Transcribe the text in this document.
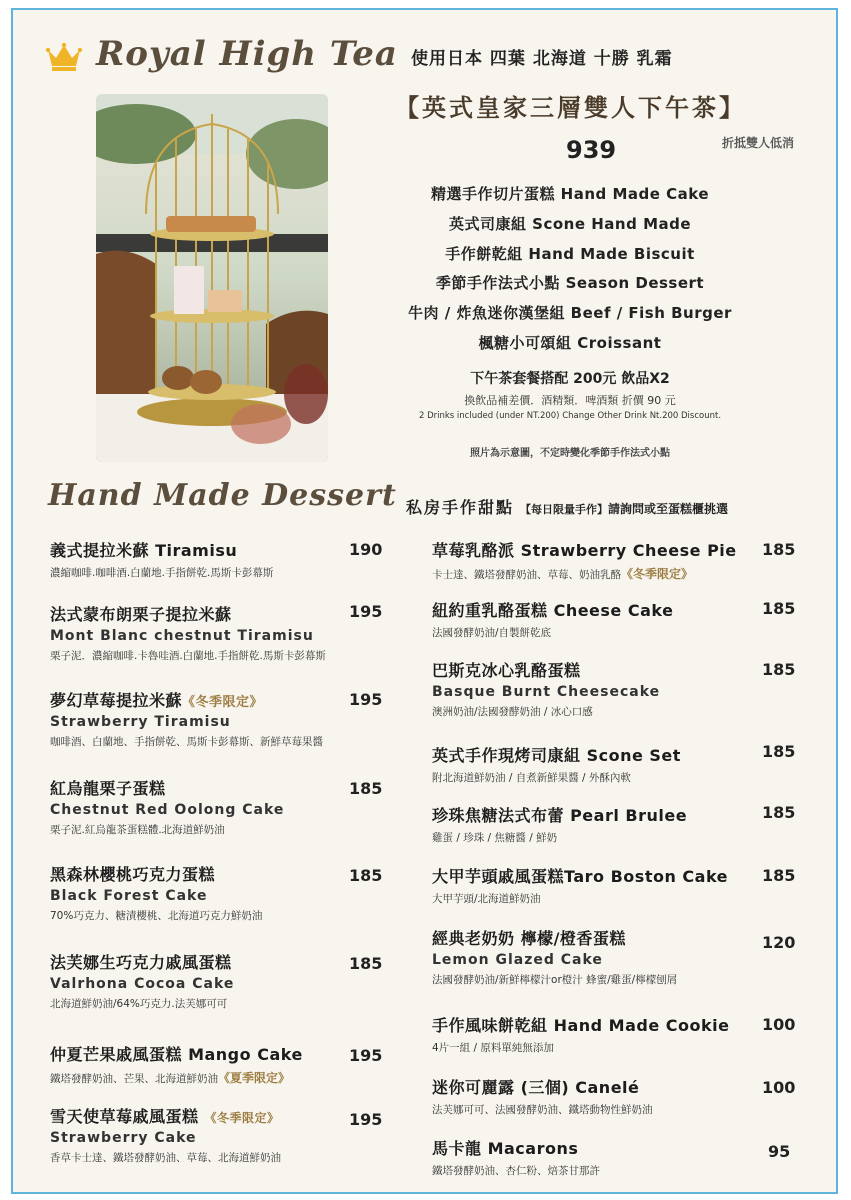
Royal High Tea 使用日本 四葉 北海道 十勝 乳霜
【英式皇家三層雙人下午茶】
折抵雙人低消
939
精選手作切片蛋糕 Hand Made Cake
英式司康組 Scone Hand Made
手作餅乾組 Hand Made Biscuit
季節手作法式小點 Season Dessert
牛肉 / 炸魚迷你漢堡組 Beef / Fish Burger
楓糖小可頌組 Croissant
下午茶套餐搭配 200元 飲品X2
換飲品補差價．酒精類．啤酒類 折價 90 元
2 Drinks included (under NT.200) Change Other Drink Nt.200 Discount.
照片為示意圖，不定時變化季節手作法式小點
Hand Made Dessert 私房手作甜點 【每日限量手作】請詢問或至蛋糕櫃挑選
義式提拉米蘇 Tiramisu
濃縮咖啡.咖啡酒.白蘭地.手指餅乾.馬斯卡彭幕斯
190
法式蒙布朗栗子提拉米蘇
Mont Blanc chestnut Tiramisu
栗子泥．濃縮咖啡.卡魯哇酒.白蘭地.手指餅乾.馬斯卡彭幕斯
195
夢幻草莓提拉米蘇《冬季限定》
Strawberry Tiramisu
咖啡酒、白蘭地、手指餅乾、馬斯卡彭幕斯、新鮮草莓果醬
195
紅烏龍栗子蛋糕
Chestnut Red Oolong Cake
栗子泥.紅烏龍茶蛋糕體.北海道鮮奶油
185
黑森林櫻桃巧克力蛋糕
Black Forest Cake
70%巧克力、糖漬櫻桃、北海道巧克力鮮奶油
185
法芙娜生巧克力戚風蛋糕
Valrhona Cocoa Cake
北海道鮮奶油/64%巧克力.法芙娜可可
185
仲夏芒果戚風蛋糕 Mango Cake
鐵塔發酵奶油、芒果、北海道鮮奶油《夏季限定》
195
雪天使草莓戚風蛋糕 《冬季限定》
Strawberry Cake
香草卡士達、鐵塔發酵奶油、草莓、北海道鮮奶油
195
草莓乳酪派 Strawberry Cheese Pie
卡士達、鐵塔發酵奶油、草莓、奶油乳酪《冬季限定》
185
紐約重乳酪蛋糕 Cheese Cake
法國發酵奶油/自製餅乾底
185
巴斯克冰心乳酪蛋糕
Basque Burnt Cheesecake
澳洲奶油/法國發酵奶油 / 冰心口感
185
英式手作現烤司康組 Scone Set
附北海道鮮奶油 / 自煮新鮮果醬 / 外酥內軟
185
珍珠焦糖法式布蕾 Pearl Brulee
雞蛋 / 珍珠 / 焦糖醬 / 鮮奶
185
大甲芋頭戚風蛋糕Taro Boston Cake
大甲芋頭/北海道鮮奶油
185
經典老奶奶 檸檬/橙香蛋糕
Lemon Glazed Cake
法國發酵奶油/新鮮檸檬汁or橙汁 蜂蜜/雞蛋/檸檬刨屑
120
手作風味餅乾組 Hand Made Cookie
4片一組 / 原料單純無添加
100
迷你可麗露 (三個) Canelé
法芙娜可可、法國發酵奶油、鐵塔動物性鮮奶油
100
馬卡龍 Macarons
鐵塔發酵奶油、杏仁粉、焙茶甘那許
95
